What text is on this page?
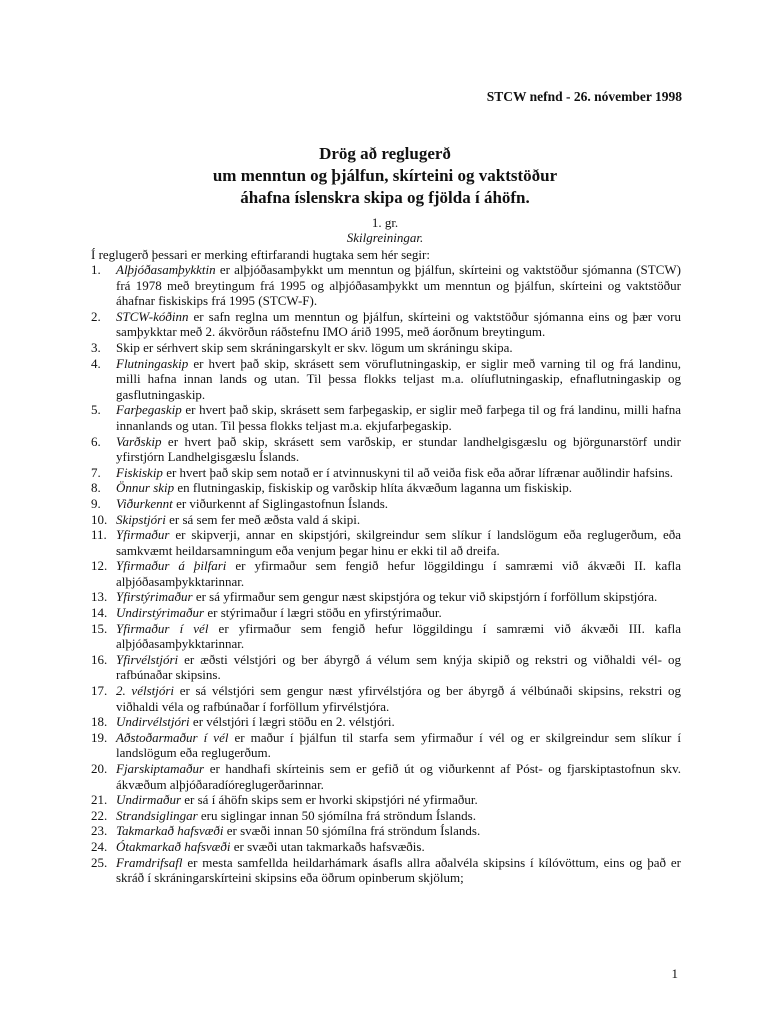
STCW nefnd - 26. nóvember 1998
Drög að reglugerð
um menntun og þjálfun, skírteini og vaktstöður
áhafna íslenskra skipa og fjölda í áhöfn.
1. gr.
Skilgreiningar.
Í reglugerð þessari er merking eftirfarandi hugtaka sem hér segir:
1.	Alþjóðasamþykktin er alþjóðasamþykkt um menntun og þjálfun, skírteini og vaktstöður sjómanna (STCW) frá 1978 með breytingum frá 1995 og alþjóðasamþykkt um menntun og þjálfun, skírteini og vaktstöður áhafnar fiskiskips frá 1995 (STCW-F).
2.	STCW-kóðinn er safn reglna um menntun og þjálfun, skírteini og vaktstöður sjómanna eins og þær voru samþykktar með 2. ákvörðun ráðstefnu IMO árið 1995, með áorðnum breytingum.
3.	Skip er sérhvert skip sem skráningarskylt er skv. lögum um skráningu skipa.
4.	Flutningaskip er hvert það skip, skrásett sem vöruflutningaskip, er siglir með varning til og frá landinu, milli hafna innan lands og utan. Til þessa flokks teljast m.a. olíuflutningaskip, efnaflutningaskip og gasflutningaskip.
5.	Farþegaskip er hvert það skip, skrásett sem farþegaskip, er siglir með farþega til og frá landinu, milli hafna innanlands og utan. Til þessa flokks teljast m.a. ekjufarþegaskip.
6.	Varðskip er hvert það skip, skrásett sem varðskip, er stundar landhelgisgæslu og björgunarstörf undir yfirstjórn Landhelgisgæslu Íslands.
7.	Fiskiskip er hvert það skip sem notað er í atvinnuskyni til að veiða fisk eða aðrar lífrænar auðlindir hafsins.
8.	Önnur skip en flutningaskip, fiskiskip og varðskip hlíta ákvæðum laganna um fiskiskip.
9.	Viðurkennt er viðurkennt af Siglingastofnun Íslands.
10. Skipstjóri er sá sem fer með æðsta vald á skipi.
11. Yfirmaður er skipverji, annar en skipstjóri, skilgreindur sem slíkur í landslögum eða reglugerðum, eða samkvæmt heildarsamningum eða venjum þegar hinu er ekki til að dreifa.
12. Yfirmaður á þilfari er yfirmaður sem fengið hefur löggildingu í samræmi við ákvæði II. kafla alþjóðasamþykktarinnar.
13. Yfirstýrimaður er sá yfirmaður sem gengur næst skipstjóra og tekur við skipstjórn í forföllum skipstjóra.
14. Undirstýrimaður er stýrimaður í lægri stöðu en yfirstýrimaður.
15. Yfirmaður í vél er yfirmaður sem fengið hefur löggildingu í samræmi við ákvæði III. kafla alþjóðasamþykktarinnar.
16. Yfirvélstjóri er æðsti vélstjóri og ber ábyrgð á vélum sem knýja skipið og rekstri og viðhaldi vél- og rafbúnaðar skipsins.
17. 2. vélstjóri er sá vélstjóri sem gengur næst yfirvélstjóra og ber ábyrgð á vélbúnaði skipsins, rekstri og viðhaldi véla og rafbúnaðar í forföllum yfirvélstjóra.
18. Undirvélstjóri er vélstjóri í lægri stöðu en 2. vélstjóri.
19. Aðstoðarmaður í vél er maður í þjálfun til starfa sem yfirmaður í vél og er skilgreindur sem slíkur í landslögum eða reglugerðum.
20. Fjarskiptamaður er handhafi skírteinis sem er gefið út og viðurkennt af Póst- og fjarskiptastofnun skv. ákvæðum alþjóðaradíóreglugerðarinnar.
21. Undirmaður er sá í áhöfn skips sem er hvorki skipstjóri né yfirmaður.
22. Strandsiglingar eru siglingar innan 50 sjómílna frá ströndum Íslands.
23. Takmarkað hafsvæði er svæði innan 50 sjómílna frá ströndum Íslands.
24. Ótakmarkað hafsvæði er svæði utan takmarkaðs hafsvæðis.
25. Framdrifsafl er mesta samfellda heildarhámark ásafls allra aðalvéla skipsins í kílóvöttum, eins og það er skráð í skráningarskírteini skipsins eða öðrum opinberum skjölum;
1
